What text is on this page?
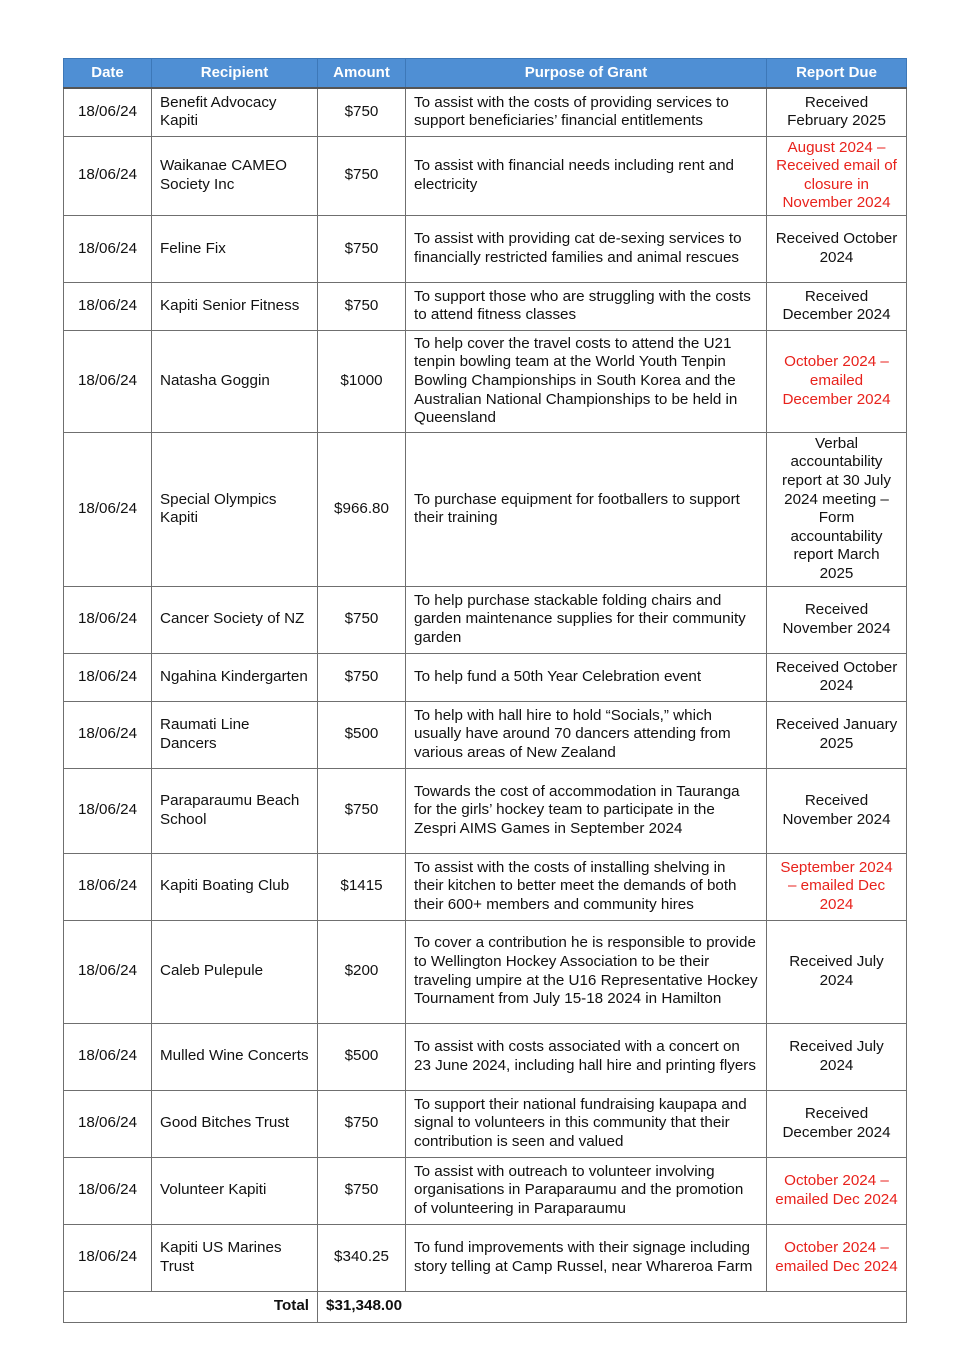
Date	Recipient	Amount	Purpose of Grant	Report Due
18/06/24	Benefit Advocacy Kapiti	$750	To assist with the costs of providing services to support beneficiaries’ financial entitlements	Received February 2025
18/06/24	Waikanae CAMEO Society Inc	$750	To assist with financial needs including rent and electricity	August 2024 – Received email of closure in November 2024
18/06/24	Feline Fix	$750	To assist with providing cat de-sexing services to financially restricted families and animal rescues	Received October 2024
18/06/24	Kapiti Senior Fitness	$750	To support those who are struggling with the costs to attend fitness classes	Received December 2024
18/06/24	Natasha Goggin	$1000	To help cover the travel costs to attend the U21 tenpin bowling team at the World Youth Tenpin Bowling Championships in South Korea and the Australian National Championships to be held in Queensland	October 2024 – emailed December 2024
18/06/24	Special Olympics Kapiti	$966.80	To purchase equipment for footballers to support their training	Verbal accountability report at 30 July 2024 meeting – Form accountability report March 2025
18/06/24	Cancer Society of NZ	$750	To help purchase stackable folding chairs and garden maintenance supplies for their community garden	Received November 2024
18/06/24	Ngahina Kindergarten	$750	To help fund a 50th Year Celebration event	Received October 2024
18/06/24	Raumati Line Dancers	$500	To help with hall hire to hold “Socials,” which usually have around 70 dancers attending from various areas of New Zealand	Received January 2025
18/06/24	Paraparaumu Beach School	$750	Towards the cost of accommodation in Tauranga for the girls’ hockey team to participate in the Zespri AIMS Games in September 2024	Received November 2024
18/06/24	Kapiti Boating Club	$1415	To assist with the costs of installing shelving in their kitchen to better meet the demands of both their 600+ members and community hires	September 2024 – emailed Dec 2024
18/06/24	Caleb Pulepule	$200	To cover a contribution he is responsible to provide to Wellington Hockey Association to be their traveling umpire at the U16 Representative Hockey Tournament from July 15-18 2024 in Hamilton	Received July 2024
18/06/24	Mulled Wine Concerts	$500	To assist with costs associated with a concert on 23 June 2024, including hall hire and printing flyers	Received July 2024
18/06/24	Good Bitches Trust	$750	To support their national fundraising kaupapa and signal to volunteers in this community that their contribution is seen and valued	Received December 2024
18/06/24	Volunteer Kapiti	$750	To assist with outreach to volunteer involving organisations in Paraparaumu and the promotion of volunteering in Paraparaumu	October 2024 – emailed Dec 2024
18/06/24	Kapiti US Marines Trust	$340.25	To fund improvements with their signage including story telling at Camp Russel, near Whareroa Farm	October 2024 – emailed Dec 2024
Total		$31,348.00		
